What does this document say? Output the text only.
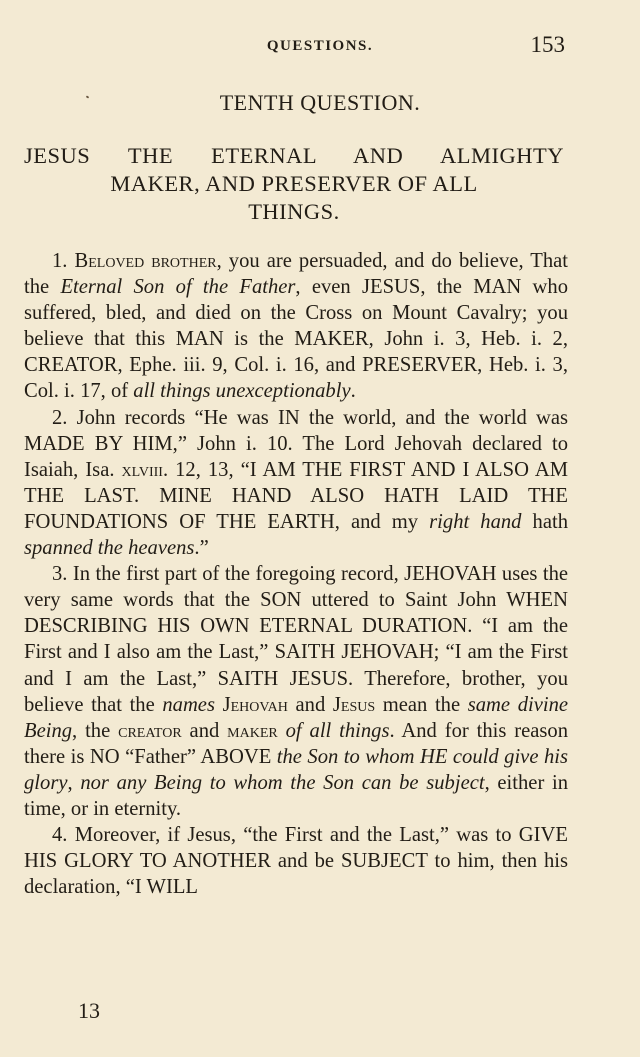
QUESTIONS.	153
TENTH QUESTION.
JESUS THE ETERNAL AND ALMIGHTY
MAKER, AND PRESERVER OF ALL
THINGS.

1. Beloved brother, you are persuaded, and do believe, That the Eternal Son of the Father, even JESUS, the MAN who suffered, bled, and died on the Cross on Mount Cavalry; you believe that this MAN is the MAKER, John i. 3, Heb. i. 2, CREATOR, Ephe. iii. 9, Col. i. 16, and PRESERVER, Heb. i. 3, Col. i. 17, of all things unexceptionably.

2. John records “He was IN the world, and the world was MADE BY HIM,” John i. 10. The Lord Jehovah declared to Isaiah, Isa. xlviii. 12, 13, “I AM THE FIRST AND I ALSO AM THE LAST. MINE HAND ALSO HATH LAID THE FOUNDATIONS OF THE EARTH, and my right hand hath spanned the heavens.”

3. In the first part of the foregoing record, JEHOVAH uses the very same words that the SON uttered to Saint John WHEN DESCRIBING HIS OWN ETERNAL DURATION. “I am the First and I also am the Last,” SAITH JEHOVAH; “I am the First and I am the Last,” SAITH JESUS. Therefore, brother, you believe that the names Jehovah and Jesus mean the same divine Being, the creator and maker of all things. And for this reason there is NO “Father” ABOVE the Son to whom HE could give his glory, nor any Being to whom the Son can be subject, either in time, or in eternity.

4. Moreover, if Jesus, “the First and the Last,” was to GIVE HIS GLORY TO ANOTHER and be SUBJECT to him, then his declaration, “I WILL

13
